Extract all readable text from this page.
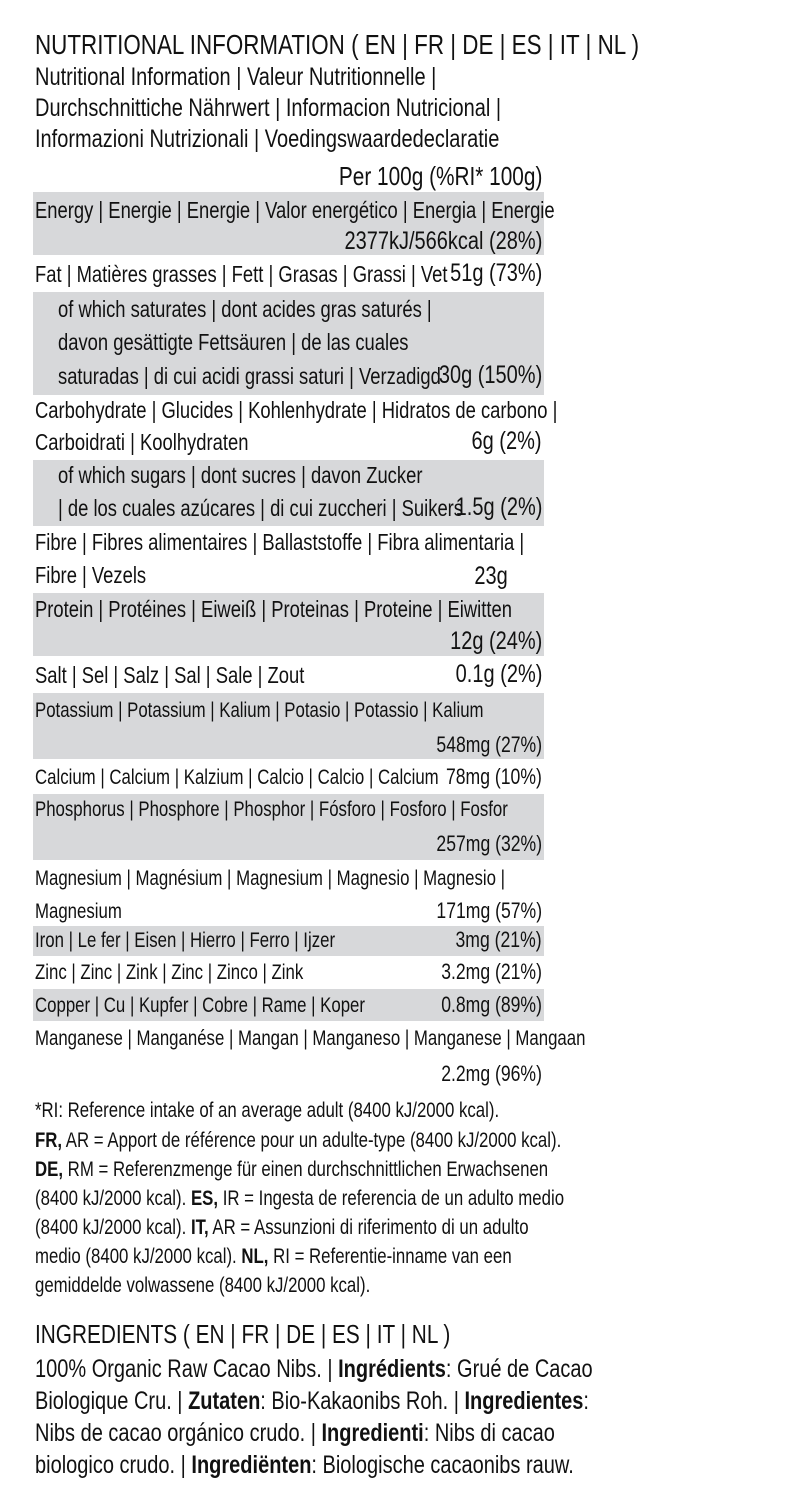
NUTRITIONAL INFORMATION ( EN | FR | DE | ES | IT | NL )
Nutritional Information | Valeur Nutritionnelle |
Durchschnittiche Nährwert | Informacion Nutricional |
Informazioni Nutrizionali | Voedingswaardedeclaratie
Per 100g (%RI* 100g)
Energy | Energie | Energie | Valor energético | Energia | Energie
2377kJ/566kcal (28%)
Fat | Matières grasses | Fett | Grasas | Grassi | Vet 51g (73%)
of which saturates | dont acides gras saturés |
davon gesättigte Fettsäuren | de las cuales
saturadas | di cui acidi grassi saturi | Verzadigd
30g (150%)
Carbohydrate | Glucides | Kohlenhydrate | Hidratos de carbono |
Carboidrati | Koolhydraten	6g (2%)
of which sugars | dont sucres | davon Zucker
| de los cuales azúcares | di cui zuccheri | Suikers
1.5g (2%)
Fibre | Fibres alimentaires | Ballaststoffe | Fibra alimentaria |
Fibre | Vezels	23g
Protein | Protéines | Eiweiß | Proteinas | Proteine | Eiwitten
12g (24%)
Salt | Sel | Salz | Sal | Sale | Zout	0.1g (2%)
Potassium | Potassium | Kalium | Potasio | Potassio | Kalium
548mg (27%)
Calcium | Calcium | Kalzium | Calcio | Calcio | Calcium 78mg (10%)
Phosphorus | Phosphore | Phosphor | Fósforo | Fosforo | Fosfor
257mg (32%)
Magnesium | Magnésium | Magnesium | Magnesio | Magnesio |
Magnesium	171mg (57%)
Iron | Le fer | Eisen | Hierro | Ferro | Ijzer	3mg (21%)
Zinc | Zinc | Zink | Zinc | Zinco | Zink	3.2mg (21%)
Copper | Cu | Kupfer | Cobre | Rame | Koper	0.8mg (89%)
Manganese | Manganése | Mangan | Manganeso | Manganese | Mangaan
2.2mg (96%)
*RI: Reference intake of an average adult (8400 kJ/2000 kcal).
FR, AR = Apport de référence pour un adulte-type (8400 kJ/2000 kcal).
DE, RM = Referenzmenge für einen durchschnittlichen Erwachsenen
(8400 kJ/2000 kcal). ES, IR = Ingesta de referencia de un adulto medio
(8400 kJ/2000 kcal). IT, AR = Assunzioni di riferimento di un adulto
medio (8400 kJ/2000 kcal). NL, RI = Referentie-inname van een
gemiddelde volwassene (8400 kJ/2000 kcal).
INGREDIENTS ( EN | FR | DE | ES | IT | NL )
100% Organic Raw Cacao Nibs. | Ingrédients: Grué de Cacao
Biologique Cru. | Zutaten: Bio-Kakaonibs Roh. | Ingredientes:
Nibs de cacao orgánico crudo. | Ingredienti: Nibs di cacao
biologico crudo. | Ingrediënten: Biologische cacaonibs rauw.
